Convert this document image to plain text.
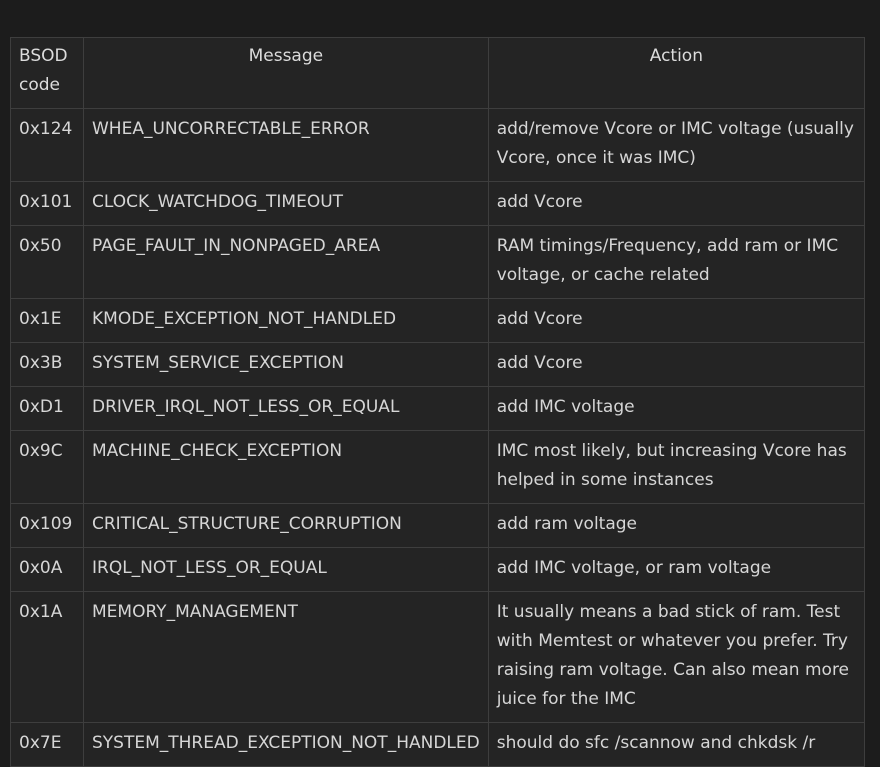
BSOD code	Message	Action
0x124	WHEA_UNCORRECTABLE_ERROR	add/remove Vcore or IMC voltage (usually Vcore, once it was IMC)
0x101	CLOCK_WATCHDOG_TIMEOUT	add Vcore
0x50	PAGE_FAULT_IN_NONPAGED_AREA	RAM timings/Frequency, add ram or IMC voltage, or cache related
0x1E	KMODE_EXCEPTION_NOT_HANDLED	add Vcore
0x3B	SYSTEM_SERVICE_EXCEPTION	add Vcore
0xD1	DRIVER_IRQL_NOT_LESS_OR_EQUAL	add IMC voltage
0x9C	MACHINE_CHECK_EXCEPTION	IMC most likely, but increasing Vcore has helped in some instances
0x109	CRITICAL_STRUCTURE_CORRUPTION	add ram voltage
0x0A	IRQL_NOT_LESS_OR_EQUAL	add IMC voltage, or ram voltage
0x1A	MEMORY_MANAGEMENT	It usually means a bad stick of ram. Test with Memtest or whatever you prefer. Try raising ram voltage. Can also mean more juice for the IMC
0x7E	SYSTEM_THREAD_EXCEPTION_NOT_HANDLED	should do sfc /scannow and chkdsk /r
